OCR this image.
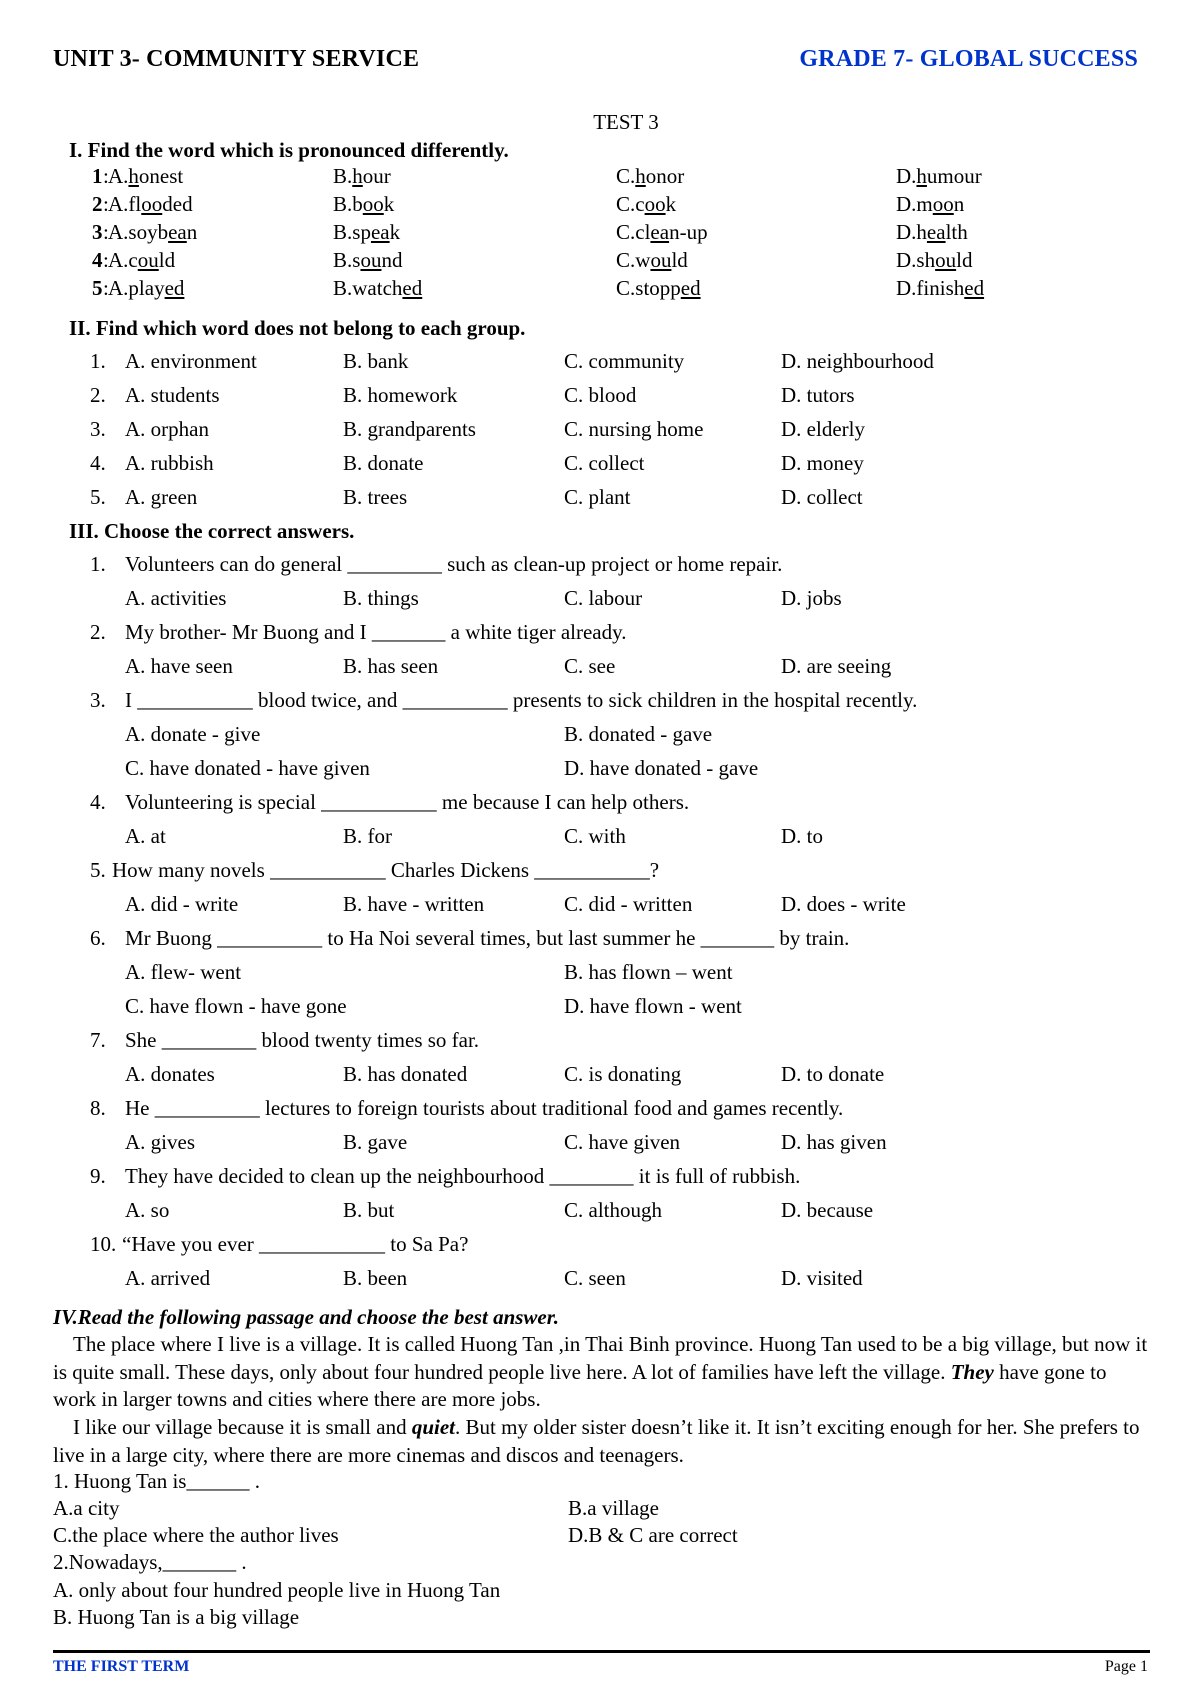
UNIT 3- COMMUNITY SERVICE	GRADE 7- GLOBAL SUCCESS
TEST 3
I. Find the word which is pronounced differently.
1 : A.honest	B.hour	C.honor	D.humour
2 : A.flooded	B.book	C.cook	D.moon
3 : A.soybean	B.speak	C.clean-up	D.health
4 : A.could	B.sound	C.would	D.should
5 : A.played	B.watched	C.stopped	D.finished
II. Find which word does not belong to each group.
1. A. environment	B. bank	C. community	D. neighbourhood
2. A. students	B. homework	C. blood	D. tutors
3. A. orphan	B. grandparents	C. nursing home	D. elderly
4. A. rubbish	B. donate	C. collect	D. money
5. A. green	B. trees	C. plant	D. collect
III. Choose the correct answers.
1. Volunteers can do general _________ such as clean-up project or home repair.
A. activities	B. things	C. labour	D. jobs
2. My brother- Mr Buong and I _______ a white tiger already.
A. have seen	B. has seen	C. see	D. are seeing
3. I ___________ blood twice, and __________ presents to sick children in the hospital recently.
A. donate - give	B. donated - gave
C. have donated - have given	D. have donated - gave
4. Volunteering is special ___________ me because I can help others.
A. at	B. for	C. with	D. to
5. How many novels ___________ Charles Dickens ___________?
A. did - write	B. have - written	C. did - written	D. does - write
6. Mr Buong __________ to Ha Noi several times, but last summer he _______ by train.
A. flew- went	B. has flown – went
C. have flown - have gone	D. have flown - went
7. She _________ blood twenty times so far.
A. donates	B. has donated	C. is donating	D. to donate
8. He __________ lectures to foreign tourists about traditional food and games recently.
A. gives	B. gave	C. have given	D. has given
9. They have decided to clean up the neighbourhood ________ it is full of rubbish.
A. so	B. but	C. although	D. because
10. “Have you ever ____________ to Sa Pa?
A. arrived	B. been	C. seen	D. visited
IV.Read the following passage and choose the best answer.
The place where I live is a village. It is called Huong Tan ,in Thai Binh province. Huong Tan used to be a big village, but now it is quite small. These days, only about four hundred people live here. A lot of families have left the village. They have gone to work in larger towns and cities where there are more jobs.
I like our village because it is small and quiet. But my older sister doesn’t like it. It isn’t exciting enough for her. She prefers to live in a large city, where there are more cinemas and discos and teenagers.
1. Huong Tan is______ .
A.a city	B.a village
C.the place where the author lives	D.B & C are correct
2.Nowadays,_______ .
A. only about four hundred people live in Huong Tan
B. Huong Tan is a big village
THE FIRST TERM	Page 1
